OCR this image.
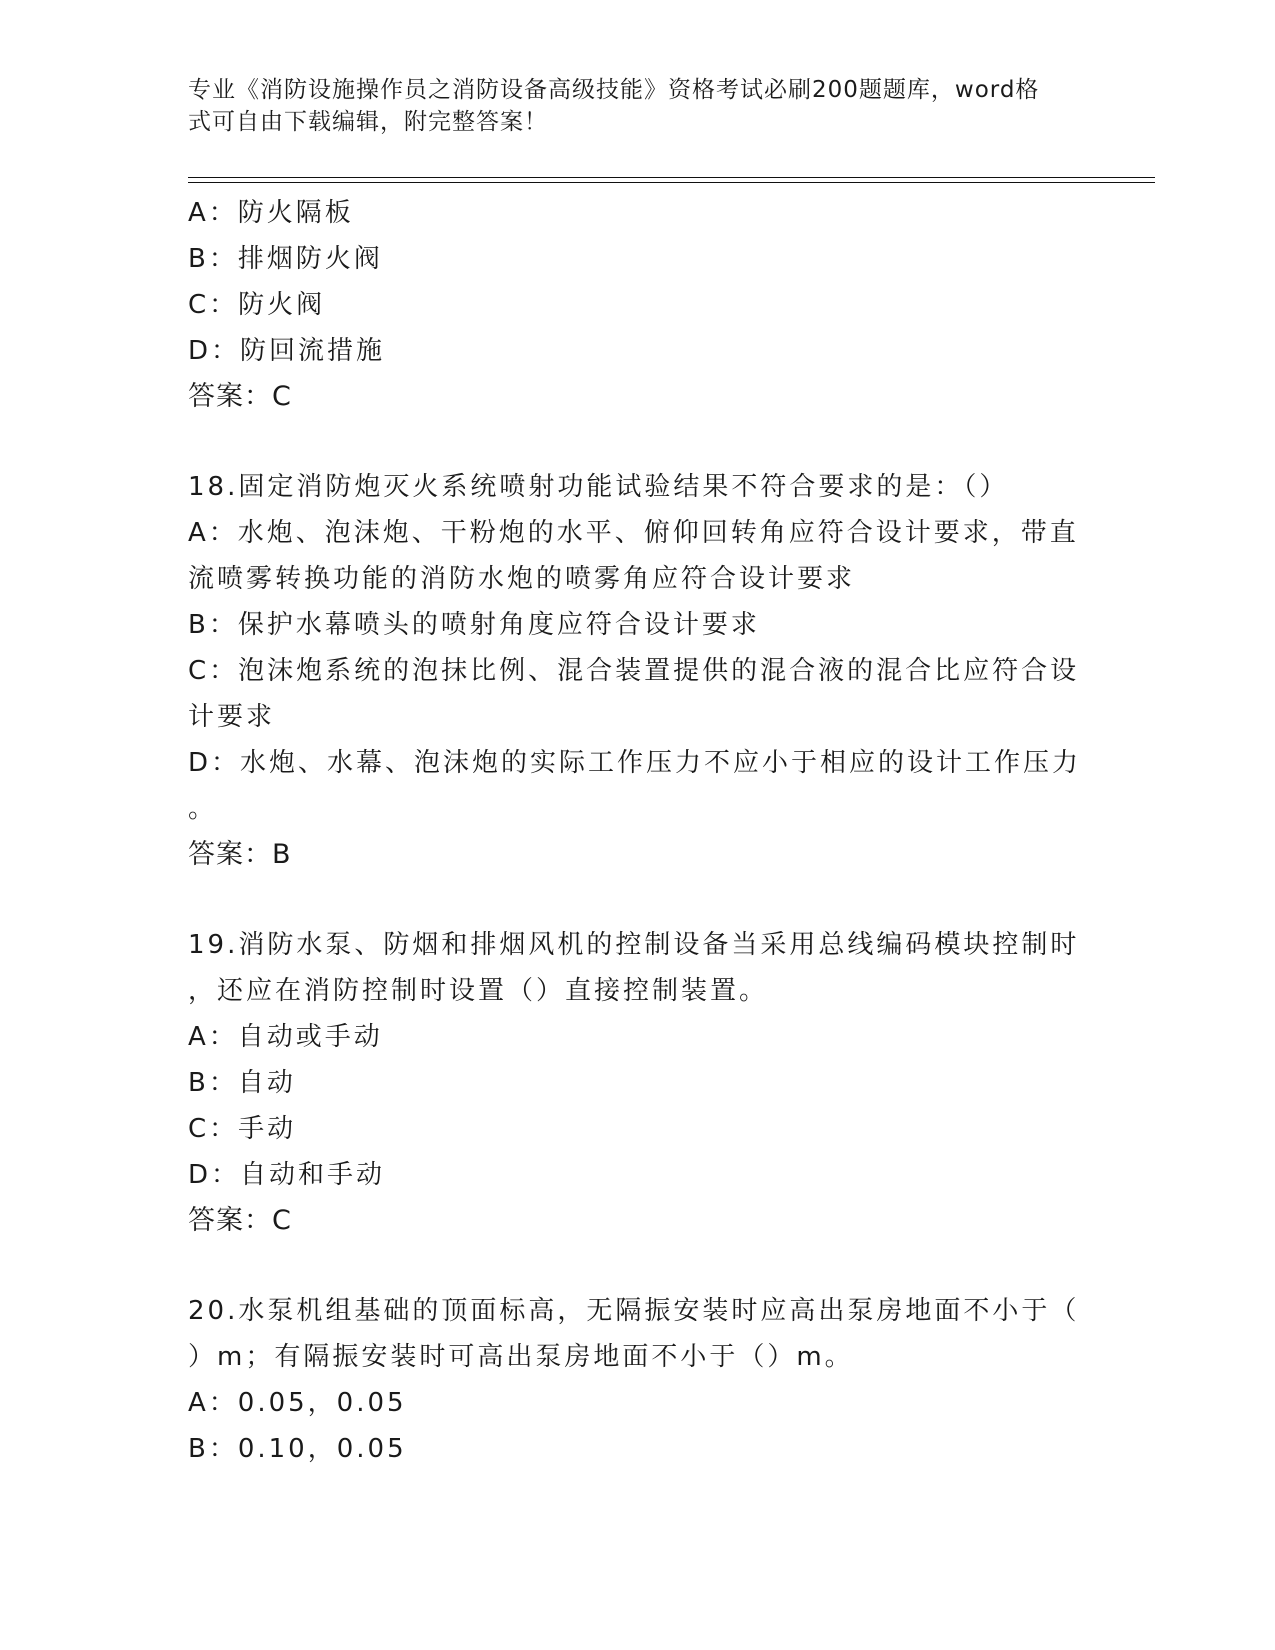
专业《消防设施操作员之消防设备高级技能》资格考试必刷200题题库，word格
式可自由下载编辑，附完整答案！
A：防火隔板
B：排烟防火阀
C：防火阀
D：防回流措施
答案：C
18.固定消防炮灭火系统喷射功能试验结果不符合要求的是：（）
A：水炮、泡沫炮、干粉炮的水平、俯仰回转角应符合设计要求，带直
流喷雾转换功能的消防水炮的喷雾角应符合设计要求
B：保护水幕喷头的喷射角度应符合设计要求
C：泡沫炮系统的泡抹比例、混合装置提供的混合液的混合比应符合设
计要求
D：水炮、水幕、泡沫炮的实际工作压力不应小于相应的设计工作压力
。
答案：B
19.消防水泵、防烟和排烟风机的控制设备当采用总线编码模块控制时
，还应在消防控制时设置（）直接控制装置。
A：自动或手动
B：自动
C：手动
D：自动和手动
答案：C
20.水泵机组基础的顶面标高，无隔振安装时应高出泵房地面不小于（
）m；有隔振安装时可高出泵房地面不小于（）m。
A：0.05，0.05
B：0.10，0.05
